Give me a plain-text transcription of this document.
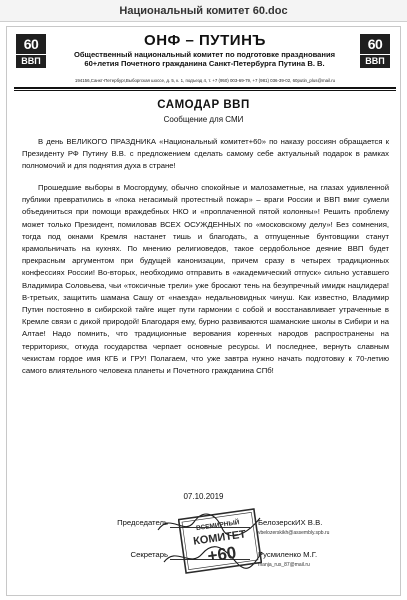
Национальный комитет 60.doc
60
ВВП
60
ВВП
ОНФ – ПУТИНЪ
Общественный национальный комитет по подготовке празднования 60+летия Почетного гражданина Санкт-Петербурга Путина В. В.
194156,Санкт-Петербург,Выборгская шоссе, д. 5, к. 1, подъезд 4, т. +7 (950) 003-69-79, +7 (981) 036-39-02, 60putin_plus@mail.ru
САМОДАР ВВП
Сообщение для СМИ

В день ВЕЛИКОГО ПРАЗДНИКА «Национальный комитет+60» по наказу россиян обращается к Президенту РФ Путину В.В. с предложением сделать самому себе актуальный подарок в рамках полномочий и для поднятия духа в стране!

Прошедшие выборы в Мосгордуму, обычно спокойные и малозаметные, на глазах удивленной публики превратились в «пока негасимый протестный пожар» – враги России и ВВП вмиг сумели объединиться при помощи враждебных НКО и «проплаченной пятой колонны»! Решить проблему может только Президент, помиловав ВСЕХ ОСУЖДЕННЫХ по «московскому делу»! Без сомнения, тогда под окнами Кремля настанет тишь и благодать, а отпущенные бунтовщики станут крамольничать на кухнях. По мнению религиоведов, такое сердобольное деяние ВВП будет прекрасным аргументом при будущей канонизации, причем сразу в четырех традиционных конфессиях России! Во-вторых, необходимо отправить в «академический отпуск» сильно уставшего Владимира Соловьева, чьи «токсичные трели» уже бросают тень на безупречный имидж нацлидера! В-третьих, защитить шамана Сашу от «наезда» недальновидных чинуш. Как известно, Владимир Путин постоянно в сибирской тайге ищет пути гармонии с собой и восстанавливает утраченные в Кремле связи с дикой природой! Благодаря ему, бурно развиваются шаманские школы в Сибири и на Алтае! Надо помнить, что традиционные верования коренных народов распространены на территориях, откуда государства черпает основные ресурсы. И последнее, вернуть славным чекистам гордое имя КГБ и ГРУ! Полагаем, что уже завтра нужно начать подготовку к 70-летию самого влиятельного человека планеты и Почетного гражданина СПб!

07.10.2019
Председатель	БелозерскИХ В.В.
vbelozerskikh@assembly.spb.ru
Секретарь	Русмиленко М.Г.
manja_rus_87@mail.ru
ВСЕМИРНЫЙ
КОМИТЕТ
+60
